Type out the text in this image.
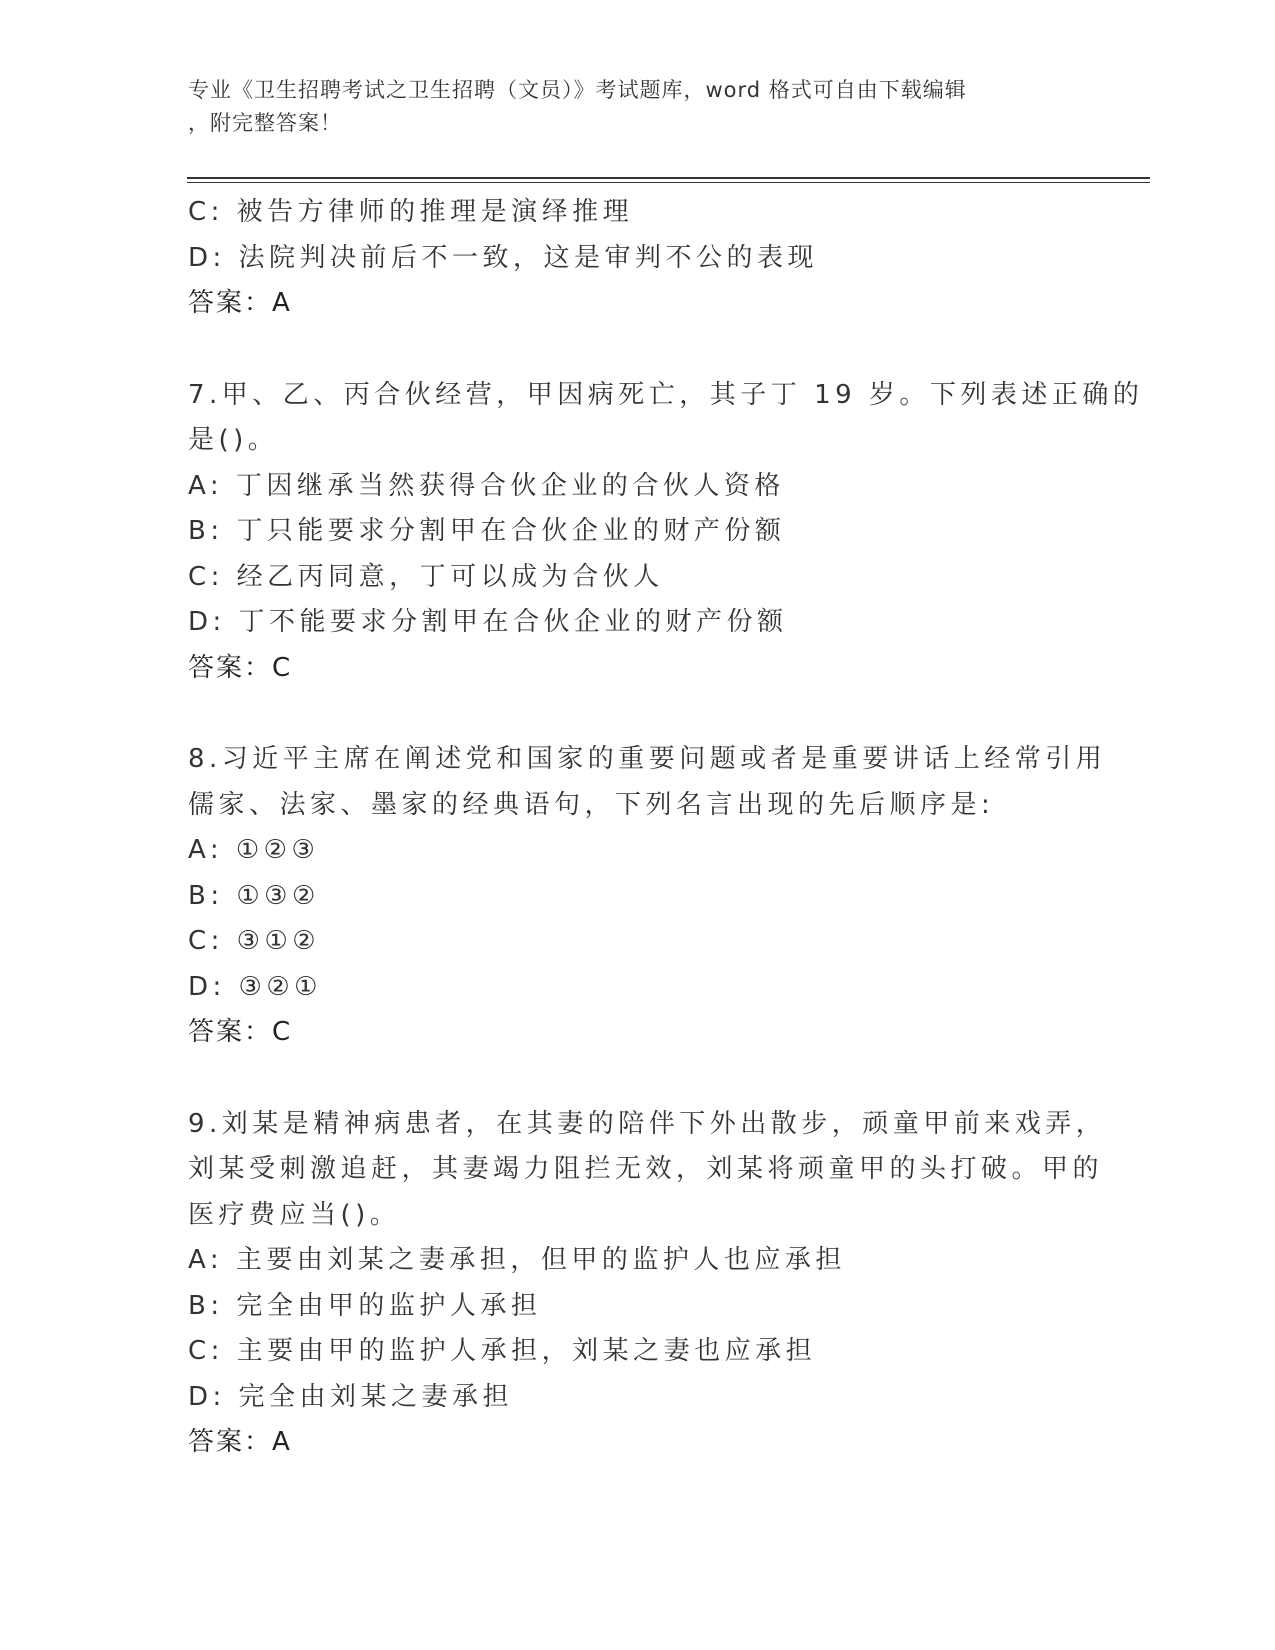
专业《卫生招聘考试之卫生招聘（文员）》考试题库，word 格式可自由下载编辑
，附完整答案！
C: 被告方律师的推理是演绎推理
D: 法院判决前后不一致，这是审判不公的表现
答案：A
7.甲、乙、丙合伙经营，甲因病死亡，其子丁 19 岁。下列表述正确的
是()。
A: 丁因继承当然获得合伙企业的合伙人资格
B: 丁只能要求分割甲在合伙企业的财产份额
C: 经乙丙同意，丁可以成为合伙人
D: 丁不能要求分割甲在合伙企业的财产份额
答案：C
8.习近平主席在阐述党和国家的重要问题或者是重要讲话上经常引用
儒家、法家、墨家的经典语句，下列名言出现的先后顺序是:
A: ①②③
B: ①③②
C: ③①②
D: ③②①
答案：C
9.刘某是精神病患者，在其妻的陪伴下外出散步，顽童甲前来戏弄，
刘某受刺激追赶，其妻竭力阻拦无效，刘某将顽童甲的头打破。甲的
医疗费应当()。
A: 主要由刘某之妻承担，但甲的监护人也应承担
B: 完全由甲的监护人承担
C: 主要由甲的监护人承担，刘某之妻也应承担
D: 完全由刘某之妻承担
答案：A
